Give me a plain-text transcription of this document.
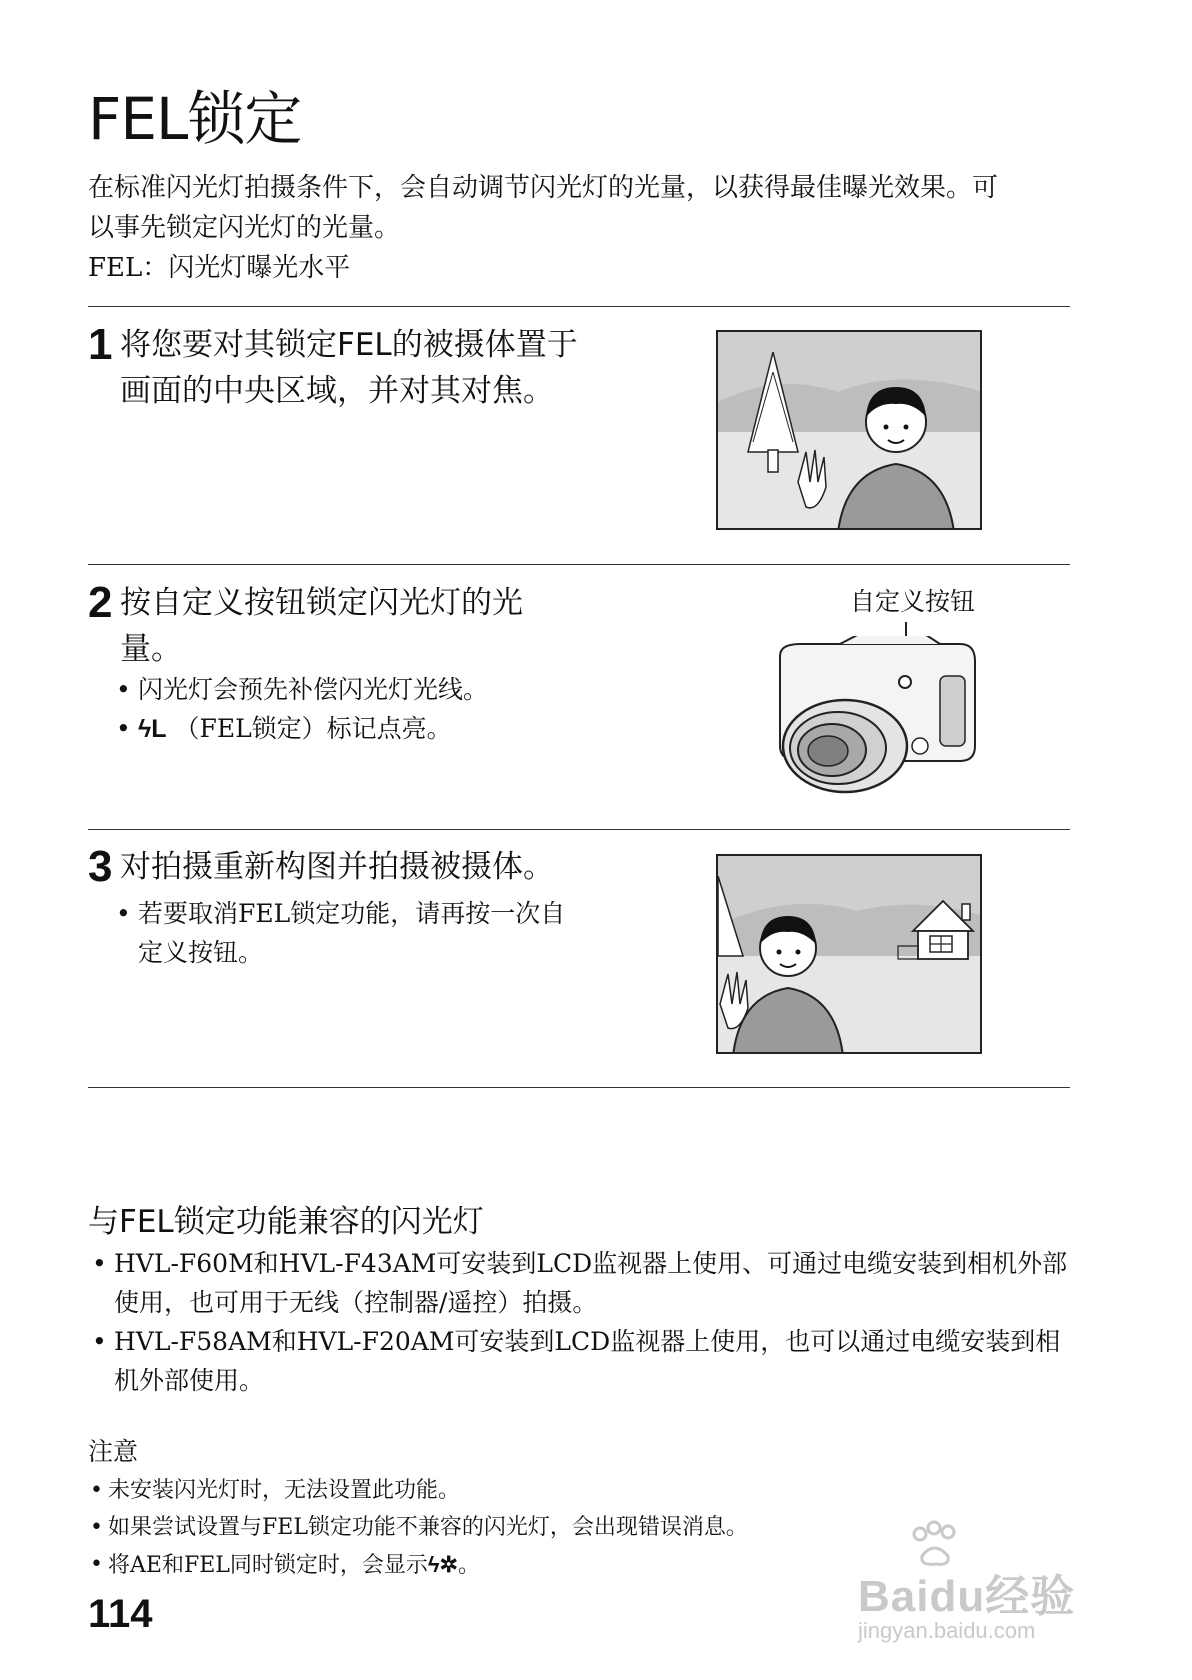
FEL锁定

在标准闪光灯拍摄条件下，会自动调节闪光灯的光量，以获得最佳曝光效果。可以事先锁定闪光灯的光量。

FEL：闪光灯曝光水平

1 将您要对其锁定FEL的被摄体置于画面的中央区域，并对其对焦。
2 按自定义按钮锁定闪光灯的光量。
• 闪光灯会预先补偿闪光灯光线。
• ϟL （FEL锁定）标记点亮。
自定义按钮
3 对拍摄重新构图并拍摄被摄体。
• 若要取消FEL锁定功能，请再按一次自定义按钮。
与FEL锁定功能兼容的闪光灯
• HVL-F60M和HVL-F43AM可安装到LCD监视器上使用、可通过电缆安装到相机外部使用，也可用于无线（控制器/遥控）拍摄。
• HVL-F58AM和HVL-F20AM可安装到LCD监视器上使用，也可以通过电缆安装到相机外部使用。
注意
• 未安装闪光灯时，无法设置此功能。
• 如果尝试设置与FEL锁定功能不兼容的闪光灯，会出现错误消息。
• 将AE和FEL同时锁定时，会显示ϟ✲。
114	Baidu经验
jingyan.baidu.com
